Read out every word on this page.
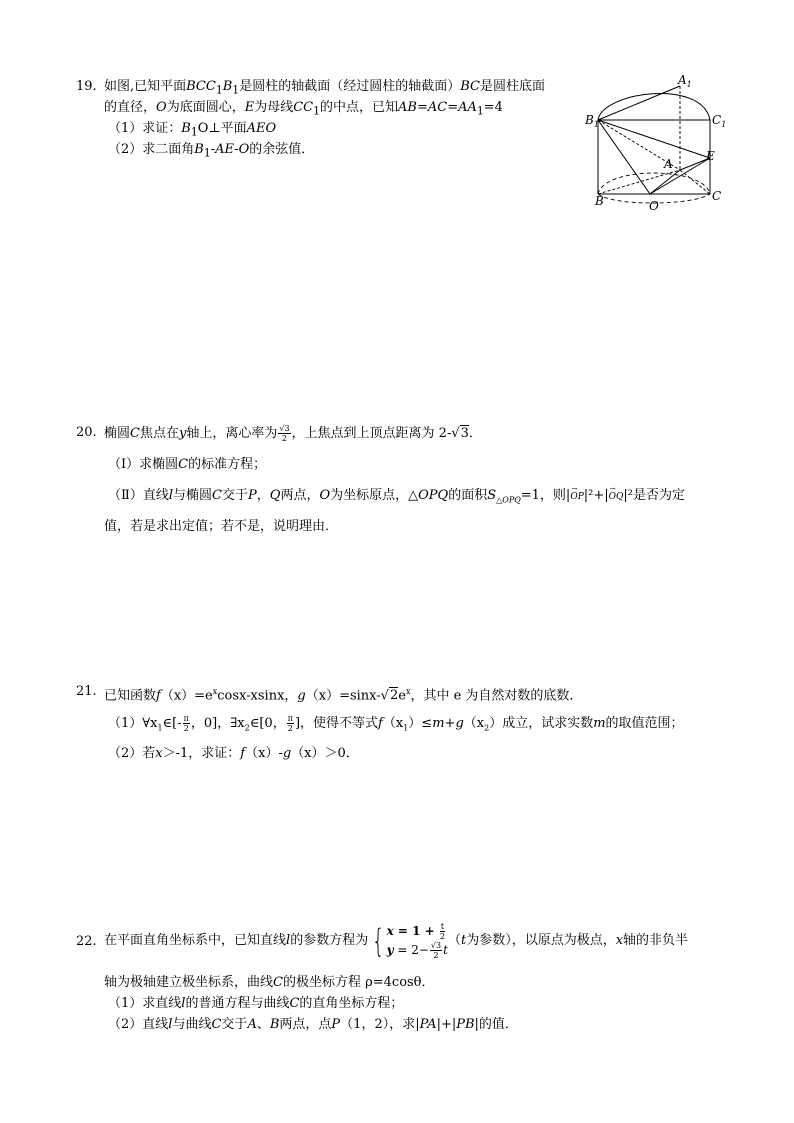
19. 如图,已知平面$BCC_1B_1$是圆柱的轴截面（经过圆柱的轴截面）BC是圆柱底面
的直径，O为底面圆心，E为母线$CC_1$的中点，已知$AB=AC=AA_1=4$
（1）求证：$B_1O\perp$平面AEO
（2）求二面角$B_1-AE-O$的余弦值．
$A_1$
$B_1$	$C_1$
E
A
B	O
C
20. 椭圆C焦点在y轴上，离心率为 $\frac{√3}{2}$ ，上焦点到上顶点距离为 2-√3．
（Ⅰ）求椭圆C的标准方程；
（Ⅱ）直线l与椭圆C交于P，Q两点，O为坐标原点，△OPQ的面积$S_{\triangle OPQ}=1$，则|→ OP|²+|→ OQ|²是否为定
值，若是求出定值；若不是，说明理由．
21. 已知函数$f(x)=e^x\cos x$-xsinx，$g(x)=\sin x-√2e^x$，其中 e 为自然对数的底数．
$(1)\forall x_1\in[- \frac{\pi}{2}$ ，0]，$\exists x_2\in[0$， $\frac{\pi}{2}$ ]，使得不等式$f(x_1)\le m+g(x_2)$成立，试求实数m的取值范围；
（2）若x＞-1，求证：f（x）-g（x）＞0．
22. 在平面直角坐标系中，已知直线l的参数方程为 { $x = 1 + \frac{t}{2}$
$y = 2- \frac{√3}{2}$ t
（t为参数），以原点为极点，x轴的非负半
轴为极轴建立极坐标系，曲线C的极坐标方程 ρ=4cosθ．
（1）求直线l的普通方程与曲线C的直角坐标方程；
（2）直线l与曲线C交于A、B两点，点P（1，2），求|PA|+|PB|的值．
